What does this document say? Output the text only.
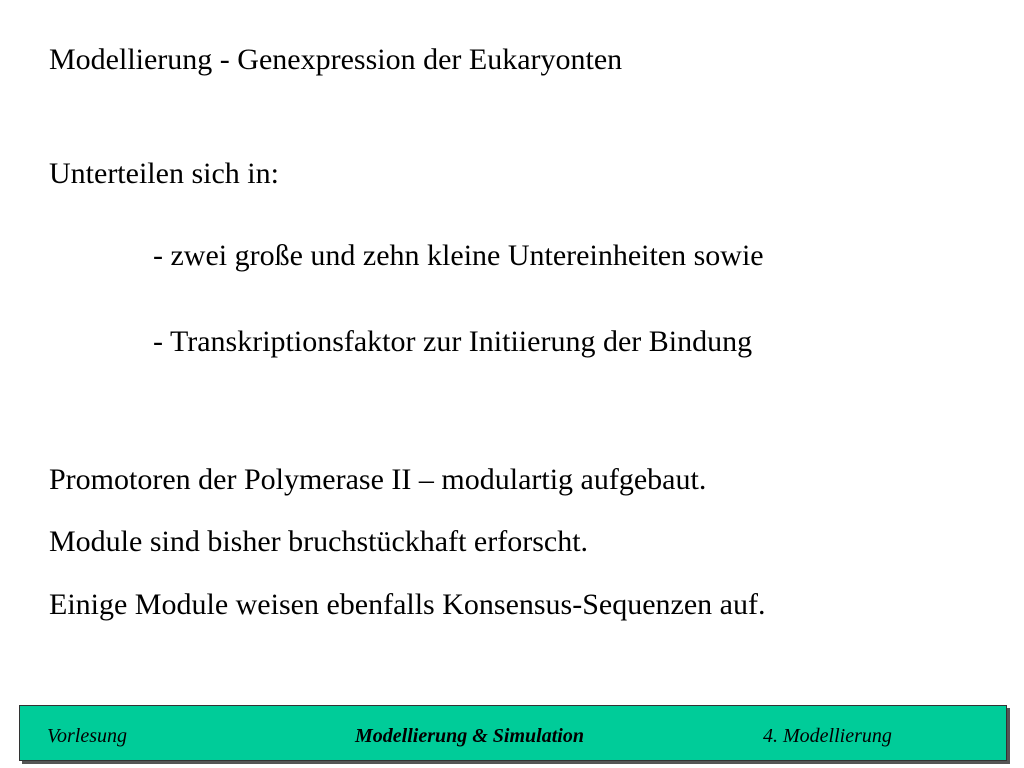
Modellierung - Genexpression der Eukaryonten
Unterteilen sich in:
- zwei große und zehn kleine Untereinheiten sowie
- Transkriptionsfaktor zur Initiierung der Bindung
Promotoren der Polymerase II – modulartig aufgebaut.
Module sind bisher bruchstückhaft erforscht.
Einige Module weisen ebenfalls Konsensus-Sequenzen auf.
Vorlesung	Modellierung & Simulation	4. Modellierung
